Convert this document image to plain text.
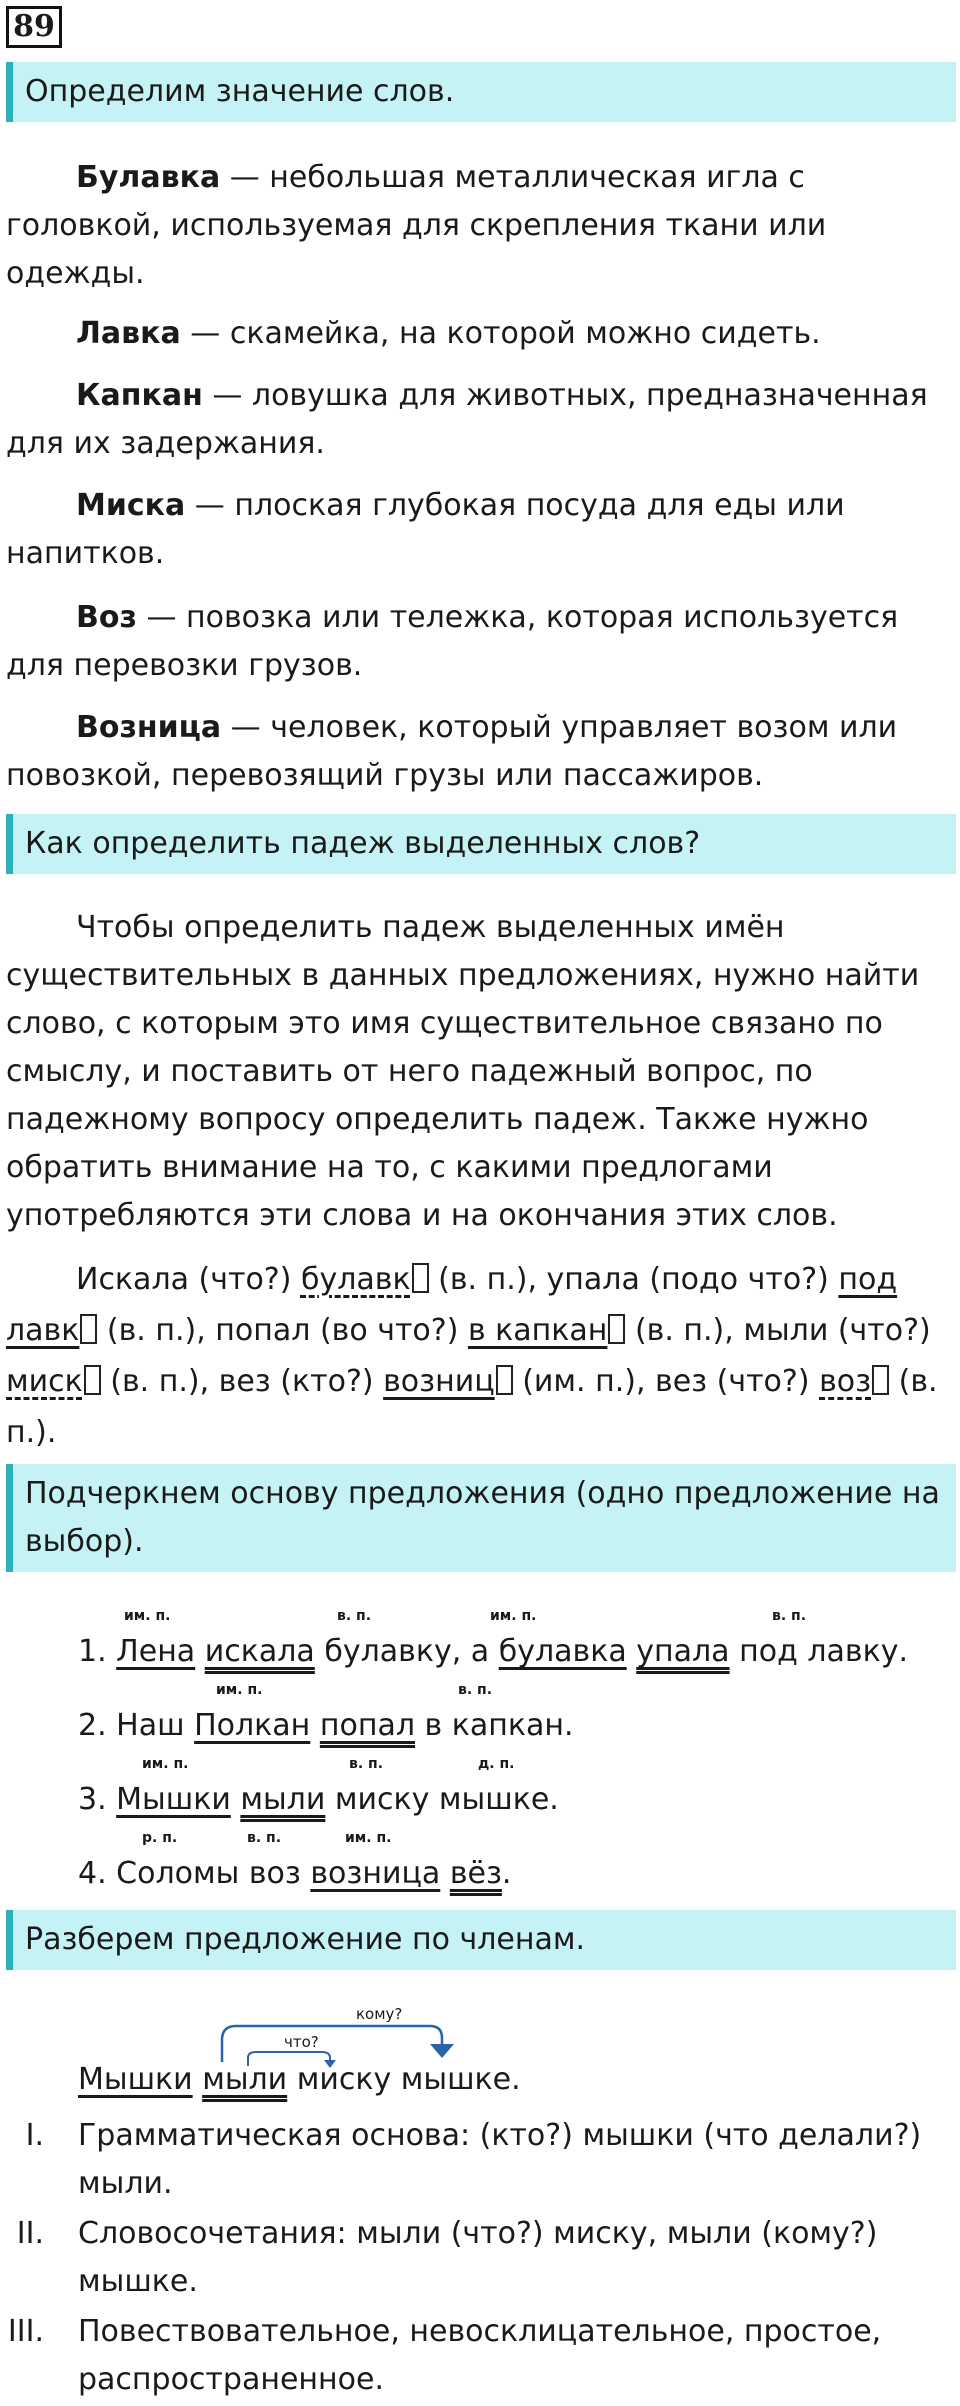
89
Определим значение слов.
Булавка — небольшая металлическая игла с головкой, используемая для скрепления ткани или одежды.
Лавка — скамейка, на которой можно сидеть.
Капкан — ловушка для животных, предназначенная для их задержания.
Миска — плоская глубокая посуда для еды или напитков.
Воз — повозка или тележка, которая используется для перевозки грузов.
Возница — человек, который управляет возом или повозкой, перевозящий грузы или пассажиров.
Как определить падеж выделенных слов?
Чтобы определить падеж выделенных имён существительных в данных предложениях, нужно найти слово, с которым это имя существительное связано по смыслу, и поставить от него падежный вопрос, по падежному вопросу определить падеж. Также нужно обратить внимание на то, с какими предлогами употребляются эти слова и на окончания этих слов.
Искала (что?) булавк (в. п.), упала (подо что?) под лавк (в. п.), попал (во что?) в капкан (в. п.), мыли (что?) миск (в. п.), вез (кто?) возниц (им. п.), вез (что?) воз (в. п.).
Подчеркнем основу предложения (одно предложение на выбор).
им. п.	в. п.	им. п.	в. п.
1. Лена искала булавку, а булавка упала под лавку.
им. п.	в. п.
2. Наш Полкан попал в капкан.
им. п.	в. п.	д. п.
3. Мышки мыли миску мышке.
р. п.	в. п.	им. п.
4. Соломы воз возница вёз.
Разберем предложение по членам.
кому?
что?
Мышки мыли миску мышке.
I. Грамматическая основа: (кто?) мышки (что делали?) мыли.
II. Словосочетания: мыли (что?) миску, мыли (кому?) мышке.
III. Повествовательное, невосклицательное, простое, распространенное.
